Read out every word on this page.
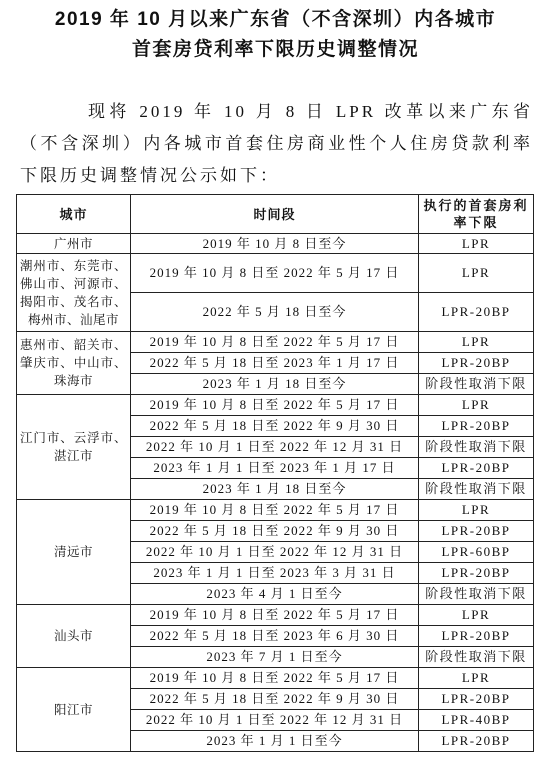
2019 年 10 月以来广东省（不含深圳）内各城市
首套房贷利率下限历史调整情况
现将 2019 年 10 月 8 日 LPR 改革以来广东省（不含深圳）内各城市首套住房商业性个人住房贷款利率下限历史调整情况公示如下：
城市	时间段	执行的首套房利率下限
广州市	2019 年 10 月 8 日至今	LPR
潮州市、东莞市、佛山市、河源市、揭阳市、茂名市、梅州市、汕尾市	2019 年 10 月 8 日至 2022 年 5 月 17 日	LPR
	2022 年 5 月 18 日至今	LPR-20BP
惠州市、韶关市、肇庆市、中山市、珠海市	2019 年 10 月 8 日至 2022 年 5 月 17 日	LPR
	2022 年 5 月 18 日至 2023 年 1 月 17 日	LPR-20BP
	2023 年 1 月 18 日至今	阶段性取消下限
江门市、云浮市、湛江市	2019 年 10 月 8 日至 2022 年 5 月 17 日	LPR
	2022 年 5 月 18 日至 2022 年 9 月 30 日	LPR-20BP
	2022 年 10 月 1 日至 2022 年 12 月 31 日	阶段性取消下限
	2023 年 1 月 1 日至 2023 年 1 月 17 日	LPR-20BP
	2023 年 1 月 18 日至今	阶段性取消下限
清远市	2019 年 10 月 8 日至 2022 年 5 月 17 日	LPR
	2022 年 5 月 18 日至 2022 年 9 月 30 日	LPR-20BP
	2022 年 10 月 1 日至 2022 年 12 月 31 日	LPR-60BP
	2023 年 1 月 1 日至 2023 年 3 月 31 日	LPR-20BP
	2023 年 4 月 1 日至今	阶段性取消下限
汕头市	2019 年 10 月 8 日至 2022 年 5 月 17 日	LPR
	2022 年 5 月 18 日至 2023 年 6 月 30 日	LPR-20BP
	2023 年 7 月 1 日至今	阶段性取消下限
阳江市	2019 年 10 月 8 日至 2022 年 5 月 17 日	LPR
	2022 年 5 月 18 日至 2022 年 9 月 30 日	LPR-20BP
	2022 年 10 月 1 日至 2022 年 12 月 31 日	LPR-40BP
	2023 年 1 月 1 日至今	LPR-20BP
